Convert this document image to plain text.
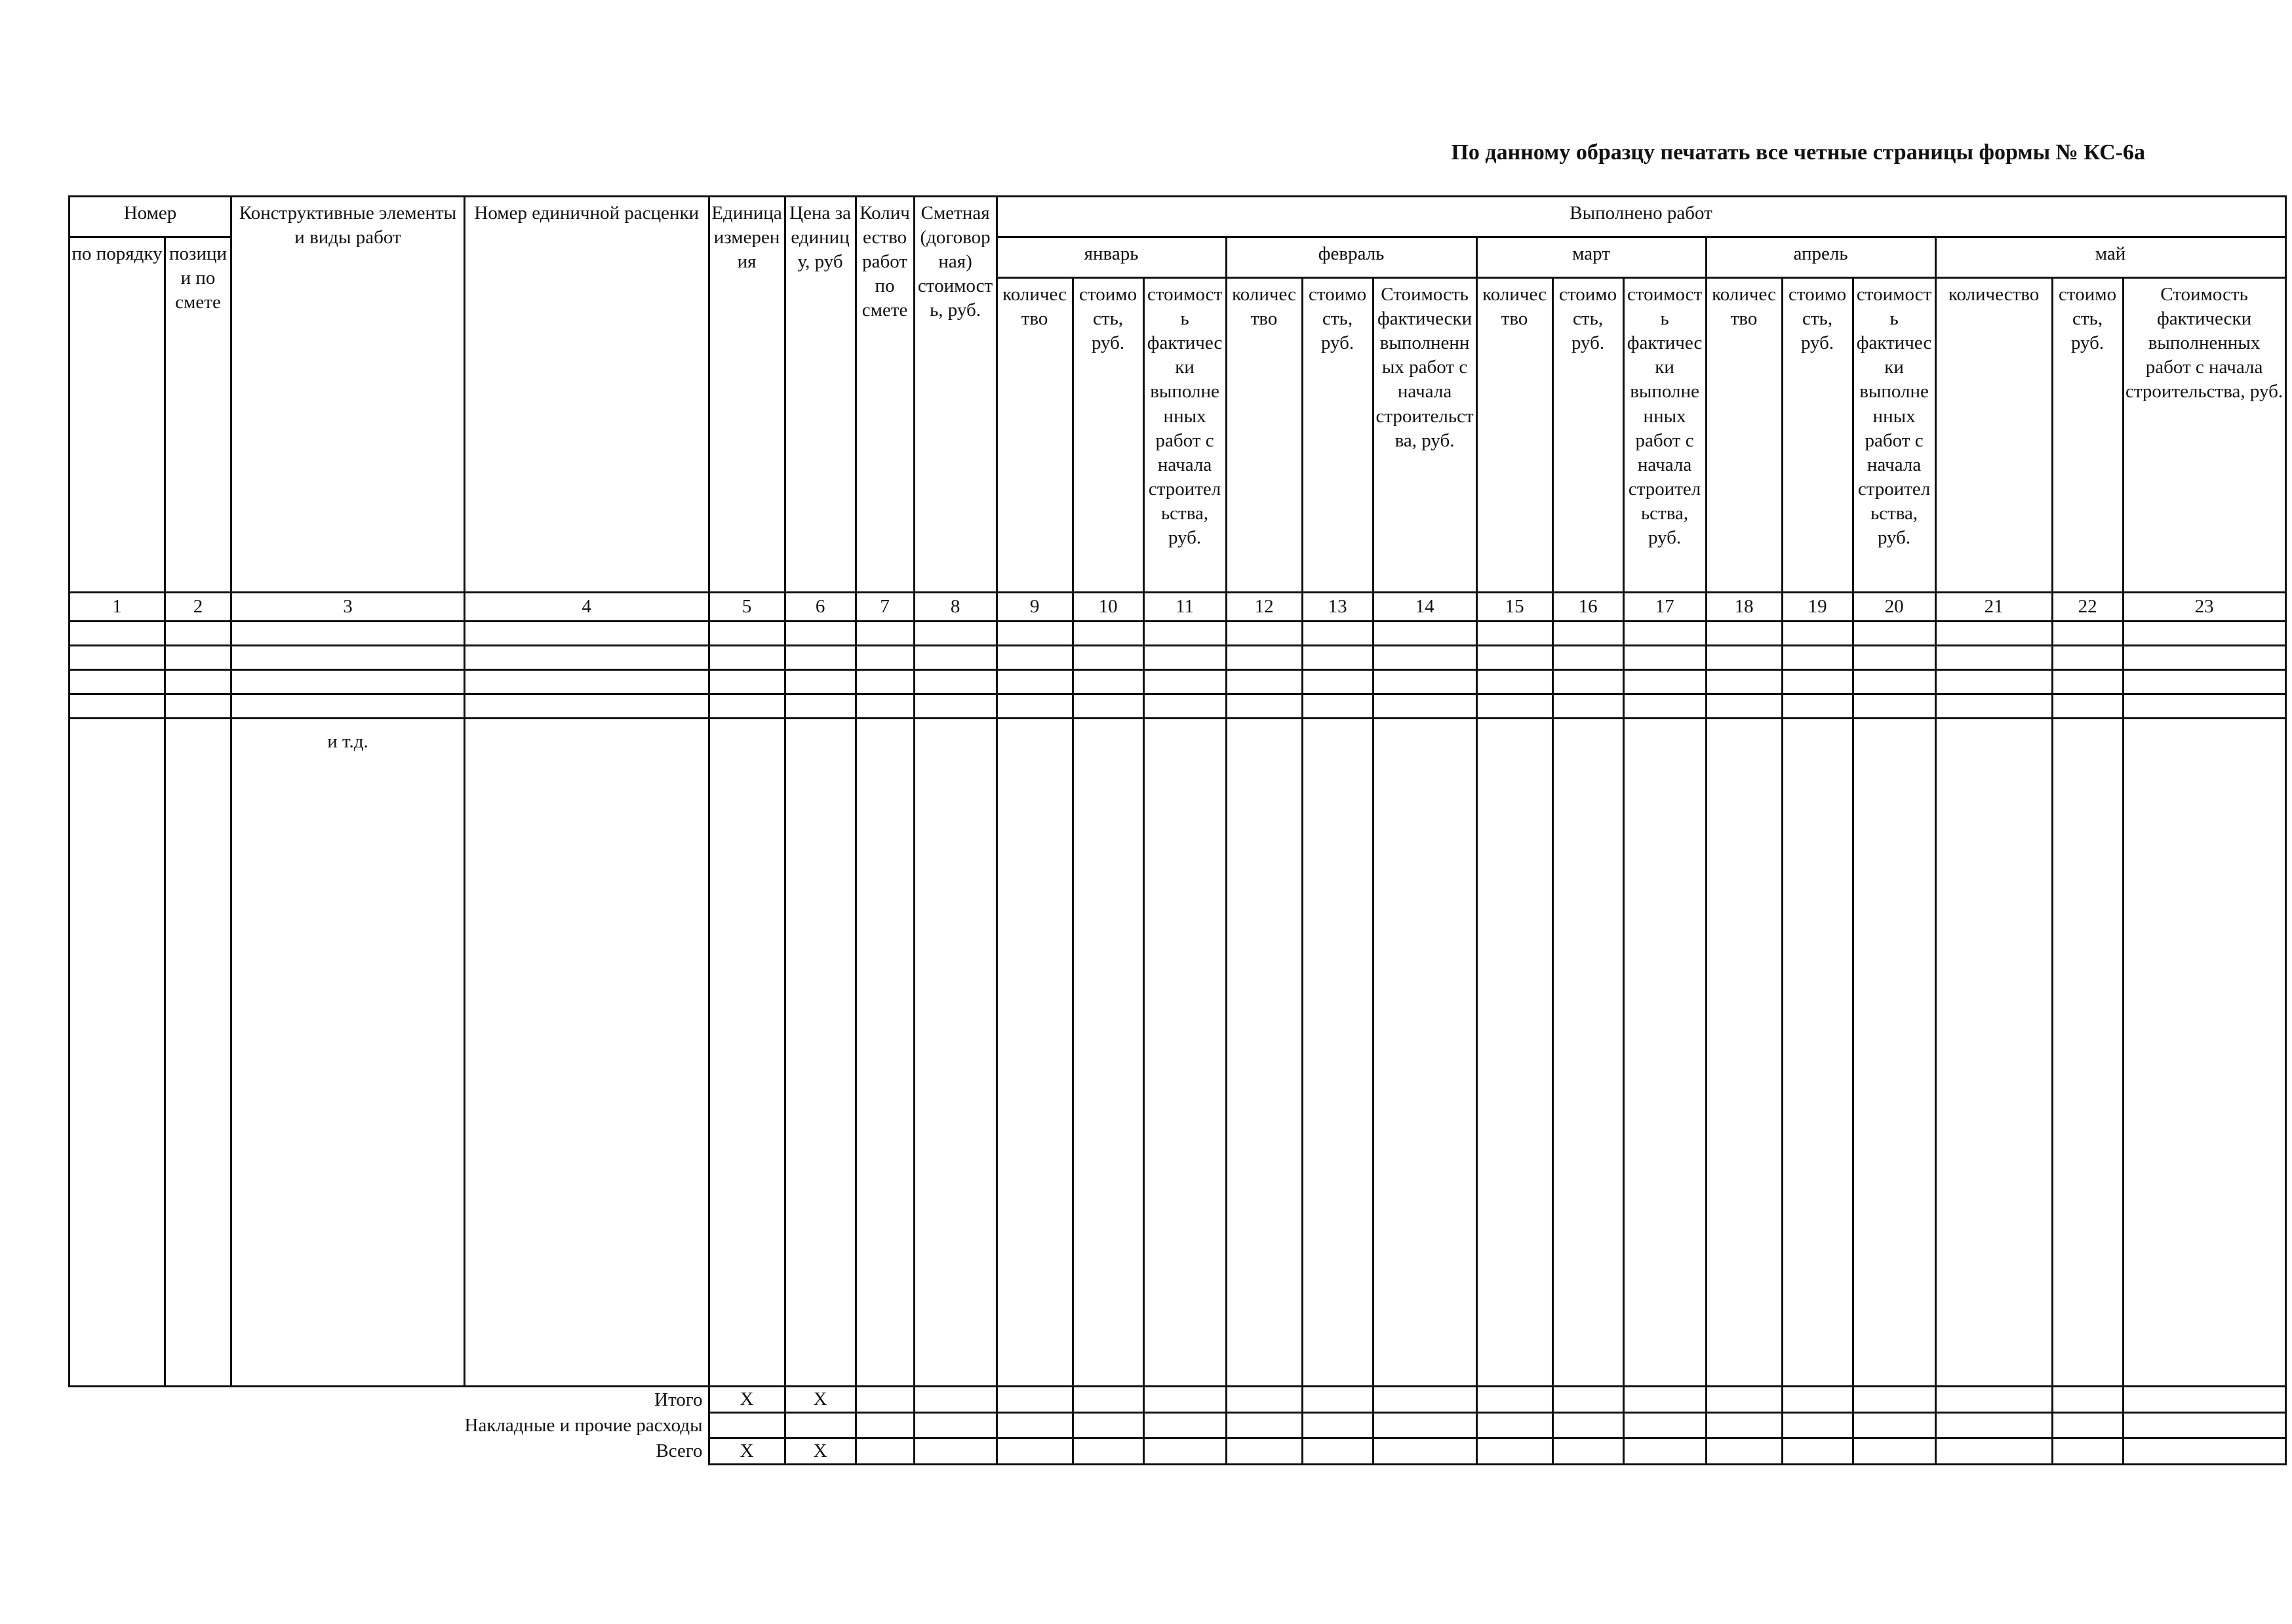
По данному образцу печатать все четные страницы формы № КС-6а
Номер		Конструктивные элементы и виды работ	Номер единичной расценки	Единица измерения	Цена за единицу, руб	Количество работ по смете	Сметная (договорная) стоимость, руб.	Выполнено работ														
по порядку	позиции по смете							январь			февраль			март			апрель			май		
								количество	стоимость, руб.	стоимость фактически выполненных работ с начала строительства, руб.	количество	стоимость, руб.	Стоимость фактически выполненных работ с начала строительства, руб.	количество	стоимость, руб.	стоимость фактически выполненных работ с начала строительства, руб.	количество	стоимость, руб.	стоимость фактически выполненных работ с начала строительства, руб.	количество	стоимость, руб.	Стоимость фактически выполненных работ с начала строительства, руб.
1	2	3	4	5	6	7	8	9	10	11	12	13	14	15	16	17	18	19	20	21	22	23

		и т.д.																				
			Итого	X	X																	
			Накладные и прочие расходы																			
			Всего	X	X																	
